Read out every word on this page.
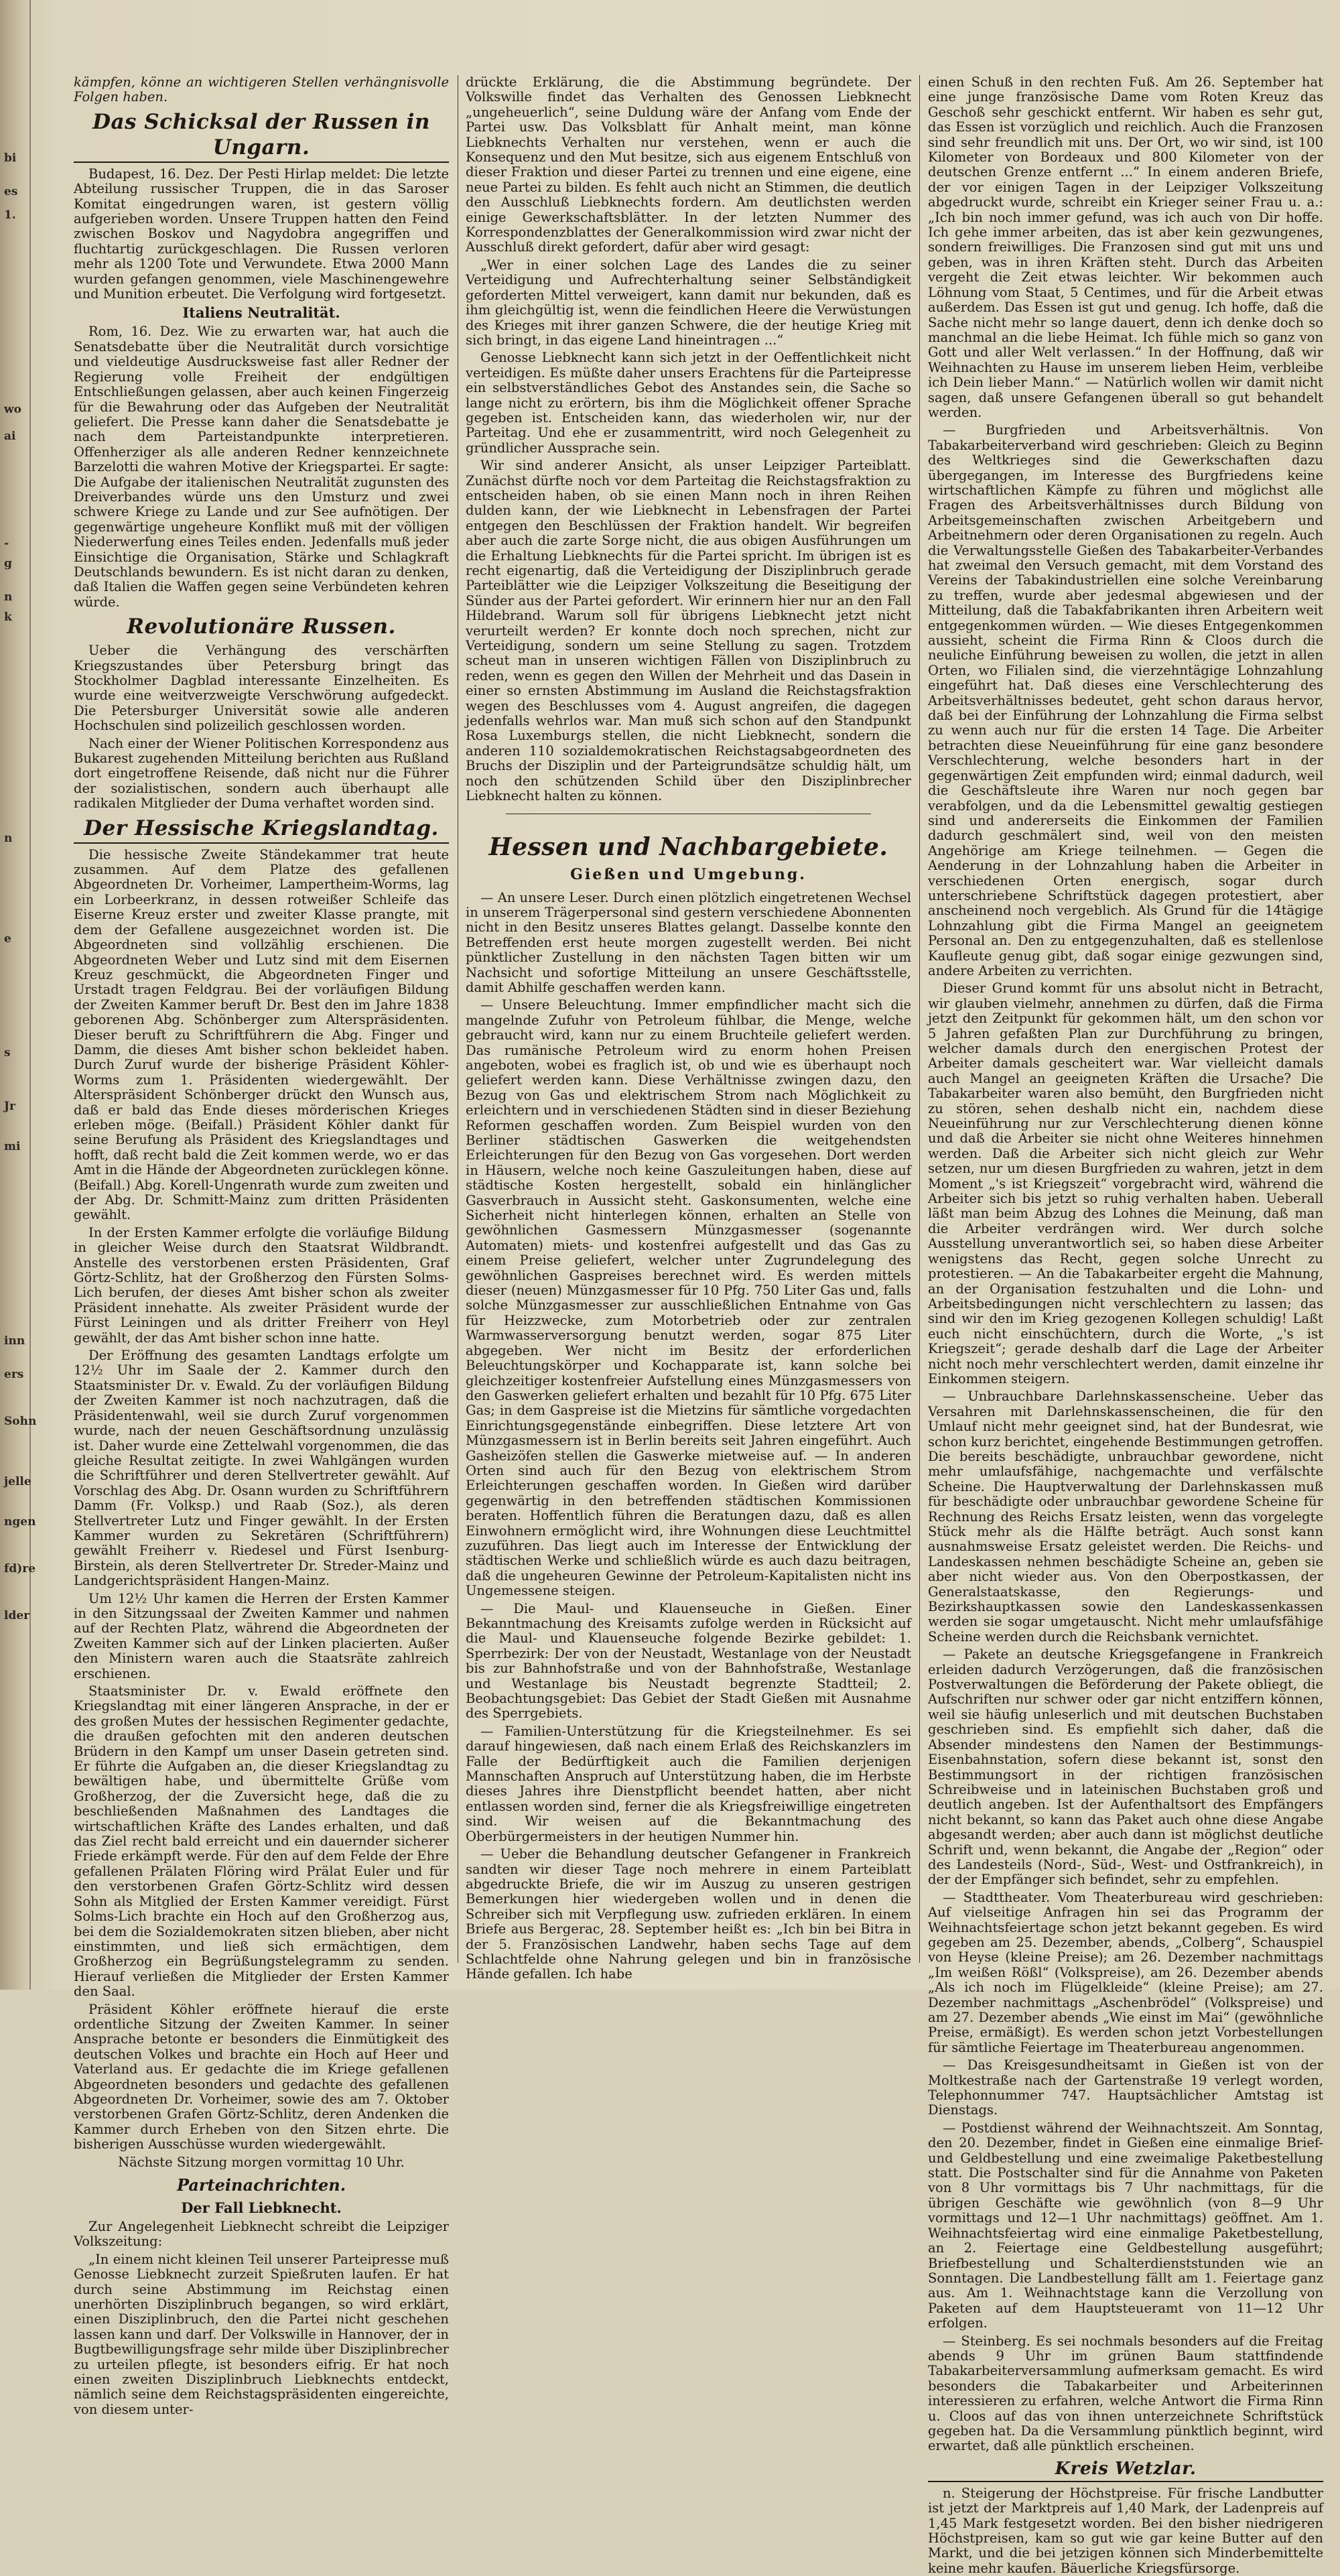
bi
es
1.
wo
ai
-
g
n
k
n
e
s
Jr
mi
inn
ers
Sohn
jelle
ngen
fd)re
lder

kämpfen, könne an wichtigeren Stellen verhängnisvolle Folgen haben.

Das Schicksal der Russen in Ungarn.

Budapest, 16. Dez. Der Pesti Hirlap meldet: Die letzte Abteilung russischer Truppen, die in das Saroser Komitat eingedrungen waren, ist gestern völlig aufgerieben worden. Unsere Truppen hatten den Feind zwischen Boskov und Nagydobra angegriffen und fluchtartig zurückgeschlagen. Die Russen verloren mehr als 1200 Tote und Verwundete. Etwa 2000 Mann wurden gefangen genommen, viele Maschinengewehre und Munition erbeutet. Die Verfolgung wird fortgesetzt.

Italiens Neutralität.

Rom, 16. Dez. Wie zu erwarten war, hat auch die Senatsdebatte über die Neutralität durch vorsichtige und vieldeutige Ausdrucksweise fast aller Redner der Regierung volle Freiheit der endgültigen Entschließungen gelassen, aber auch keinen Fingerzeig für die Bewahrung oder das Aufgeben der Neutralität geliefert. Die Presse kann daher die Senatsdebatte je nach dem Parteistandpunkte interpretieren. Offenherziger als alle anderen Redner kennzeichnete Barzelotti die wahren Motive der Kriegspartei. Er sagte: Die Aufgabe der italienischen Neutralität zugunsten des Dreiverbandes würde uns den Umsturz und zwei schwere Kriege zu Lande und zur See aufnötigen. Der gegenwärtige ungeheure Konflikt muß mit der völligen Niederwerfung eines Teiles enden. Jedenfalls muß jeder Einsichtige die Organisation, Stärke und Schlagkraft Deutschlands bewundern. Es ist nicht daran zu denken, daß Italien die Waffen gegen seine Verbündeten kehren würde.

Revolutionäre Russen.

Ueber die Verhängung des verschärften Kriegszustandes über Petersburg bringt das Stockholmer Dagblad interessante Einzelheiten. Es wurde eine weitverzweigte Verschwörung aufgedeckt. Die Petersburger Universität sowie alle anderen Hochschulen sind polizeilich geschlossen worden.

Nach einer der Wiener Politischen Korrespondenz aus Bukarest zugehenden Mitteilung berichten aus Rußland dort eingetroffene Reisende, daß nicht nur die Führer der sozialistischen, sondern auch überhaupt alle radikalen Mitglieder der Duma verhaftet worden sind.

Der Hessische Kriegslandtag.

Die hessische Zweite Ständekammer trat heute zusammen. Auf dem Platze des gefallenen Abgeordneten Dr. Vorheimer, Lampertheim-Worms, lag ein Lorbeerkranz, in dessen rotweißer Schleife das Eiserne Kreuz erster und zweiter Klasse prangte, mit dem der Gefallene ausgezeichnet worden ist. Die Abgeordneten sind vollzählig erschienen. Die Abgeordneten Weber und Lutz sind mit dem Eisernen Kreuz geschmückt, die Abgeordneten Finger und Urstadt tragen Feldgrau. Bei der vorläufigen Bildung der Zweiten Kammer beruft Dr. Best den im Jahre 1838 geborenen Abg. Schönberger zum Alterspräsidenten. Dieser beruft zu Schriftführern die Abg. Finger und Damm, die dieses Amt bisher schon bekleidet haben. Durch Zuruf wurde der bisherige Präsident Köhler-Worms zum 1. Präsidenten wiedergewählt. Der Alterspräsident Schönberger drückt den Wunsch aus, daß er bald das Ende dieses mörderischen Krieges erleben möge. (Beifall.) Präsident Köhler dankt für seine Berufung als Präsident des Kriegslandtages und hofft, daß recht bald die Zeit kommen werde, wo er das Amt in die Hände der Abgeordneten zurücklegen könne. (Beifall.) Abg. Korell-Ungenrath wurde zum zweiten und der Abg. Dr. Schmitt-Mainz zum dritten Präsidenten gewählt.

In der Ersten Kammer erfolgte die vorläufige Bildung in gleicher Weise durch den Staatsrat Wildbrandt. Anstelle des verstorbenen ersten Präsidenten, Graf Görtz-Schlitz, hat der Großherzog den Fürsten Solms-Lich berufen, der dieses Amt bisher schon als zweiter Präsident innehatte. Als zweiter Präsident wurde der Fürst Leiningen und als dritter Freiherr von Heyl gewählt, der das Amt bisher schon inne hatte.

Der Eröffnung des gesamten Landtags erfolgte um 12½ Uhr im Saale der 2. Kammer durch den Staatsminister Dr. v. Ewald. Zu der vorläufigen Bildung der Zweiten Kammer ist noch nachzutragen, daß die Präsidentenwahl, weil sie durch Zuruf vorgenommen wurde, nach der neuen Geschäftsordnung unzulässig ist. Daher wurde eine Zettelwahl vorgenommen, die das gleiche Resultat zeitigte. In zwei Wahlgängen wurden die Schriftführer und deren Stellvertreter gewählt. Auf Vorschlag des Abg. Dr. Osann wurden zu Schriftführern Damm (Fr. Volksp.) und Raab (Soz.), als deren Stellvertreter Lutz und Finger gewählt. In der Ersten Kammer wurden zu Sekretären (Schriftführern) gewählt Freiherr v. Riedesel und Fürst Isenburg-Birstein, als deren Stellvertreter Dr. Streder-Mainz und Landgerichtspräsident Hangen-Mainz.

Um 12½ Uhr kamen die Herren der Ersten Kammer in den Sitzungssaal der Zweiten Kammer und nahmen auf der Rechten Platz, während die Abgeordneten der Zweiten Kammer sich auf der Linken placierten. Außer den Ministern waren auch die Staatsräte zahlreich erschienen.

Staatsminister Dr. v. Ewald eröffnete den Kriegslandtag mit einer längeren Ansprache, in der er des großen Mutes der hessischen Regimenter gedachte, die draußen gefochten mit den anderen deutschen Brüdern in den Kampf um unser Dasein getreten sind. Er führte die Aufgaben an, die dieser Kriegslandtag zu bewältigen habe, und übermittelte Grüße vom Großherzog, der die Zuversicht hege, daß die zu beschließenden Maßnahmen des Landtages die wirtschaftlichen Kräfte des Landes erhalten, und daß das Ziel recht bald erreicht und ein dauernder sicherer Friede erkämpft werde. Für den auf dem Felde der Ehre gefallenen Prälaten Flöring wird Prälat Euler und für den verstorbenen Grafen Görtz-Schlitz wird dessen Sohn als Mitglied der Ersten Kammer vereidigt. Fürst Solms-Lich brachte ein Hoch auf den Großherzog aus, bei dem die Sozialdemokraten sitzen blieben, aber nicht einstimmten, und ließ sich ermächtigen, dem Großherzog ein Begrüßungstelegramm zu senden. Hierauf verließen die Mitglieder der Ersten Kammer den Saal.

Präsident Köhler eröffnete hierauf die erste ordentliche Sitzung der Zweiten Kammer. In seiner Ansprache betonte er besonders die Einmütigkeit des deutschen Volkes und brachte ein Hoch auf Heer und Vaterland aus. Er gedachte die im Kriege gefallenen Abgeordneten besonders und gedachte des gefallenen Abgeordneten Dr. Vorheimer, sowie des am 7. Oktober verstorbenen Grafen Görtz-Schlitz, deren Andenken die Kammer durch Erheben von den Sitzen ehrte. Die bisherigen Ausschüsse wurden wiedergewählt.

Nächste Sitzung morgen vormittag 10 Uhr.

Parteinachrichten.
Der Fall Liebknecht.

Zur Angelegenheit Liebknecht schreibt die Leipziger Volkszeitung:

„In einem nicht kleinen Teil unserer Parteipresse muß Genosse Liebknecht zurzeit Spießruten laufen. Er hat durch seine Abstimmung im Reichstag einen unerhörten Disziplinbruch begangen, so wird erklärt, einen Disziplinbruch, den die Partei nicht geschehen lassen kann und darf. Der Volkswille in Hannover, der in Bugtbewilligungsfrage sehr milde über Disziplinbrecher zu urteilen pflegte, ist besonders eifrig. Er hat noch einen zweiten Disziplinbruch Liebknechts entdeckt, nämlich seine dem Reichstagspräsidenten eingereichte, von diesem unter-

drückte Erklärung, die die Abstimmung begründete. Der Volkswille findet das Verhalten des Genossen Liebknecht „ungeheuerlich“, seine Duldung wäre der Anfang vom Ende der Partei usw. Das Volksblatt für Anhalt meint, man könne Liebknechts Verhalten nur verstehen, wenn er auch die Konsequenz und den Mut besitze, sich aus eigenem Entschluß von dieser Fraktion und dieser Partei zu trennen und eine eigene, eine neue Partei zu bilden. Es fehlt auch nicht an Stimmen, die deutlich den Ausschluß Liebknechts fordern. Am deutlichsten werden einige Gewerkschaftsblätter. In der letzten Nummer des Korrespondenzblattes der Generalkommission wird zwar nicht der Ausschluß direkt gefordert, dafür aber wird gesagt:

„Wer in einer solchen Lage des Landes die zu seiner Verteidigung und Aufrechterhaltung seiner Selbständigkeit geforderten Mittel verweigert, kann damit nur bekunden, daß es ihm gleichgültig ist, wenn die feindlichen Heere die Verwüstungen des Krieges mit ihrer ganzen Schwere, die der heutige Krieg mit sich bringt, in das eigene Land hineintragen ...“

Genosse Liebknecht kann sich jetzt in der Oeffentlichkeit nicht verteidigen. Es müßte daher unsers Erachtens für die Parteipresse ein selbstverständliches Gebot des Anstandes sein, die Sache so lange nicht zu erörtern, bis ihm die Möglichkeit offener Sprache gegeben ist. Entscheiden kann, das wiederholen wir, nur der Parteitag. Und ehe er zusammentritt, wird noch Gelegenheit zu gründlicher Aussprache sein.

Wir sind anderer Ansicht, als unser Leipziger Parteiblatt. Zunächst dürfte noch vor dem Parteitag die Reichstagsfraktion zu entscheiden haben, ob sie einen Mann noch in ihren Reihen dulden kann, der wie Liebknecht in Lebensfragen der Partei entgegen den Beschlüssen der Fraktion handelt. Wir begreifen aber auch die zarte Sorge nicht, die aus obigen Ausführungen um die Erhaltung Liebknechts für die Partei spricht. Im übrigen ist es recht eigenartig, daß die Verteidigung der Disziplinbruch gerade Parteiblätter wie die Leipziger Volkszeitung die Beseitigung der Sünder aus der Partei gefordert. Wir erinnern hier nur an den Fall Hildebrand. Warum soll für übrigens Liebknecht jetzt nicht verurteilt werden? Er konnte doch noch sprechen, nicht zur Verteidigung, sondern um seine Stellung zu sagen. Trotzdem scheut man in unseren wichtigen Fällen von Disziplinbruch zu reden, wenn es gegen den Willen der Mehrheit und das Dasein in einer so ernsten Abstimmung im Ausland die Reichstagsfraktion wegen des Beschlusses vom 4. August angreifen, die dagegen jedenfalls wehrlos war. Man muß sich schon auf den Standpunkt Rosa Luxemburgs stellen, die nicht Liebknecht, sondern die anderen 110 sozialdemokratischen Reichstagsabgeordneten des Bruchs der Disziplin und der Parteigrundsätze schuldig hält, um noch den schützenden Schild über den Disziplinbrecher Liebknecht halten zu können.

Hessen und Nachbargebiete.
Gießen und Umgebung.

— An unsere Leser. Durch einen plötzlich eingetretenen Wechsel in unserem Trägerpersonal sind gestern verschiedene Abonnenten nicht in den Besitz unseres Blattes gelangt. Dasselbe konnte den Betreffenden erst heute morgen zugestellt werden. Bei nicht pünktlicher Zustellung in den nächsten Tagen bitten wir um Nachsicht und sofortige Mitteilung an unsere Geschäftsstelle, damit Abhilfe geschaffen werden kann.

— Unsere Beleuchtung. Immer empfindlicher macht sich die mangelnde Zufuhr von Petroleum fühlbar, die Menge, welche gebraucht wird, kann nur zu einem Bruchteile geliefert werden. Das rumänische Petroleum wird zu enorm hohen Preisen angeboten, wobei es fraglich ist, ob und wie es überhaupt noch geliefert werden kann. Diese Verhältnisse zwingen dazu, den Bezug von Gas und elektrischem Strom nach Möglichkeit zu erleichtern und in verschiedenen Städten sind in dieser Beziehung Reformen geschaffen worden. Zum Beispiel wurden von den Berliner städtischen Gaswerken die weitgehendsten Erleichterungen für den Bezug von Gas vorgesehen. Dort werden in Häusern, welche noch keine Gaszuleitungen haben, diese auf städtische Kosten hergestellt, sobald ein hinlänglicher Gasverbrauch in Aussicht steht. Gaskonsumenten, welche eine Sicherheit nicht hinterlegen können, erhalten an Stelle von gewöhnlichen Gasmessern Münzgasmesser (sogenannte Automaten) miets- und kostenfrei aufgestellt und das Gas zu einem Preise geliefert, welcher unter Zugrundelegung des gewöhnlichen Gaspreises berechnet wird. Es werden mittels dieser (neuen) Münzgasmesser für 10 Pfg. 750 Liter Gas und, falls solche Münzgasmesser zur ausschließlichen Entnahme von Gas für Heizzwecke, zum Motorbetrieb oder zur zentralen Warmwasserversorgung benutzt werden, sogar 875 Liter abgegeben. Wer nicht im Besitz der erforderlichen Beleuchtungskörper und Kochapparate ist, kann solche bei gleichzeitiger kostenfreier Aufstellung eines Münzgasmessers von den Gaswerken geliefert erhalten und bezahlt für 10 Pfg. 675 Liter Gas; in dem Gaspreise ist die Mietzins für sämtliche vorgedachten Einrichtungsgegenstände einbegriffen. Diese letztere Art von Münzgasmessern ist in Berlin bereits seit Jahren eingeführt. Auch Gasheizöfen stellen die Gaswerke mietweise auf. — In anderen Orten sind auch für den Bezug von elektrischem Strom Erleichterungen geschaffen worden. In Gießen wird darüber gegenwärtig in den betreffenden städtischen Kommissionen beraten. Hoffentlich führen die Beratungen dazu, daß es allen Einwohnern ermöglicht wird, ihre Wohnungen diese Leuchtmittel zuzuführen. Das liegt auch im Interesse der Entwicklung der städtischen Werke und schließlich würde es auch dazu beitragen, daß die ungeheuren Gewinne der Petroleum-Kapitalisten nicht ins Ungemessene steigen.

— Die Maul- und Klauenseuche in Gießen. Einer Bekanntmachung des Kreisamts zufolge werden in Rücksicht auf die Maul- und Klauenseuche folgende Bezirke gebildet: 1. Sperrbezirk: Der von der Neustadt, Westanlage von der Neustadt bis zur Bahnhofstraße und von der Bahnhofstraße, Westanlage und Westanlage bis Neustadt begrenzte Stadtteil; 2. Beobachtungsgebiet: Das Gebiet der Stadt Gießen mit Ausnahme des Sperrgebiets.

— Familien-Unterstützung für die Kriegsteilnehmer. Es sei darauf hingewiesen, daß nach einem Erlaß des Reichskanzlers im Falle der Bedürftigkeit auch die Familien derjenigen Mannschaften Anspruch auf Unterstützung haben, die im Herbste dieses Jahres ihre Dienstpflicht beendet hatten, aber nicht entlassen worden sind, ferner die als Kriegsfreiwillige eingetreten sind. Wir weisen auf die Bekanntmachung des Oberbürgermeisters in der heutigen Nummer hin.

— Ueber die Behandlung deutscher Gefangener in Frankreich sandten wir dieser Tage noch mehrere in einem Parteiblatt abgedruckte Briefe, die wir im Auszug zu unseren gestrigen Bemerkungen hier wiedergeben wollen und in denen die Schreiber sich mit Verpflegung usw. zufrieden erklären. In einem Briefe aus Bergerac, 28. September heißt es: „Ich bin bei Bitra in der 5. Französischen Landwehr, haben sechs Tage auf dem Schlachtfelde ohne Nahrung gelegen und bin in französische Hände gefallen. Ich habe

einen Schuß in den rechten Fuß. Am 26. September hat eine junge französische Dame vom Roten Kreuz das Geschoß sehr geschickt entfernt. Wir haben es sehr gut, das Essen ist vorzüglich und reichlich. Auch die Franzosen sind sehr freundlich mit uns. Der Ort, wo wir sind, ist 100 Kilometer von Bordeaux und 800 Kilometer von der deutschen Grenze entfernt ...“ In einem anderen Briefe, der vor einigen Tagen in der Leipziger Volkszeitung abgedruckt wurde, schreibt ein Krieger seiner Frau u. a.: „Ich bin noch immer gefund, was ich auch von Dir hoffe. Ich gehe immer arbeiten, das ist aber kein gezwungenes, sondern freiwilliges. Die Franzosen sind gut mit uns und geben, was in ihren Kräften steht. Durch das Arbeiten vergeht die Zeit etwas leichter. Wir bekommen auch Löhnung vom Staat, 5 Centimes, und für die Arbeit etwas außerdem. Das Essen ist gut und genug. Ich hoffe, daß die Sache nicht mehr so lange dauert, denn ich denke doch so manchmal an die liebe Heimat. Ich fühle mich so ganz von Gott und aller Welt verlassen.“ In der Hoffnung, daß wir Weihnachten zu Hause im unserem lieben Heim, verbleibe ich Dein lieber Mann.“ — Natürlich wollen wir damit nicht sagen, daß unsere Gefangenen überall so gut behandelt werden.

— Burgfrieden und Arbeitsverhältnis. Von Tabakarbeiterverband wird geschrieben: Gleich zu Beginn des Weltkrieges sind die Gewerkschaften dazu übergegangen, im Interesse des Burgfriedens keine wirtschaftlichen Kämpfe zu führen und möglichst alle Fragen des Arbeitsverhältnisses durch Bildung von Arbeitsgemeinschaften zwischen Arbeitgebern und Arbeitnehmern oder deren Organisationen zu regeln. Auch die Verwaltungsstelle Gießen des Tabakarbeiter-Verbandes hat zweimal den Versuch gemacht, mit dem Vorstand des Vereins der Tabakindustriellen eine solche Vereinbarung zu treffen, wurde aber jedesmal abgewiesen und der Mitteilung, daß die Tabakfabrikanten ihren Arbeitern weit entgegenkommen würden. — Wie dieses Entgegenkommen aussieht, scheint die Firma Rinn & Cloos durch die neuliche Einführung beweisen zu wollen, die jetzt in allen Orten, wo Filialen sind, die vierzehntägige Lohnzahlung eingeführt hat. Daß dieses eine Verschlechterung des Arbeitsverhältnisses bedeutet, geht schon daraus hervor, daß bei der Einführung der Lohnzahlung die Firma selbst zu wenn auch nur für die ersten 14 Tage. Die Arbeiter betrachten diese Neueinführung für eine ganz besondere Verschlechterung, welche besonders hart in der gegenwärtigen Zeit empfunden wird; einmal dadurch, weil die Geschäftsleute ihre Waren nur noch gegen bar verabfolgen, und da die Lebensmittel gewaltig gestiegen sind und andererseits die Einkommen der Familien dadurch geschmälert sind, weil von den meisten Angehörige am Kriege teilnehmen. — Gegen die Aenderung in der Lohnzahlung haben die Arbeiter in verschiedenen Orten energisch, sogar durch unterschriebene Schriftstück dagegen protestiert, aber anscheinend noch vergeblich. Als Grund für die 14tägige Lohnzahlung gibt die Firma Mangel an geeignetem Personal an. Den zu entgegenzuhalten, daß es stellenlose Kaufleute genug gibt, daß sogar einige gezwungen sind, andere Arbeiten zu verrichten.

Dieser Grund kommt für uns absolut nicht in Betracht, wir glauben vielmehr, annehmen zu dürfen, daß die Firma jetzt den Zeitpunkt für gekommen hält, um den schon vor 5 Jahren gefaßten Plan zur Durchführung zu bringen, welcher damals durch den energischen Protest der Arbeiter damals gescheitert war. War vielleicht damals auch Mangel an geeigneten Kräften die Ursache? Die Tabakarbeiter waren also bemüht, den Burgfrieden nicht zu stören, sehen deshalb nicht ein, nachdem diese Neueinführung nur zur Verschlechterung dienen könne und daß die Arbeiter sie nicht ohne Weiteres hinnehmen werden. Daß die Arbeiter sich nicht gleich zur Wehr setzen, nur um diesen Burgfrieden zu wahren, jetzt in dem Moment „'s ist Kriegszeit“ vorgebracht wird, während die Arbeiter sich bis jetzt so ruhig verhalten haben. Ueberall läßt man beim Abzug des Lohnes die Meinung, daß man die Arbeiter verdrängen wird. Wer durch solche Ausstellung unverantwortlich sei, so haben diese Arbeiter wenigstens das Recht, gegen solche Unrecht zu protestieren. — An die Tabakarbeiter ergeht die Mahnung, an der Organisation festzuhalten und die Lohn- und Arbeitsbedingungen nicht verschlechtern zu lassen; das sind wir den im Krieg gezogenen Kollegen schuldig! Laßt euch nicht einschüchtern, durch die Worte, „'s ist Kriegszeit“; gerade deshalb darf die Lage der Arbeiter nicht noch mehr verschlechtert werden, damit einzelne ihr Einkommen steigern.

— Unbrauchbare Darlehnskassenscheine. Ueber das Versahren mit Darlehnskassenscheinen, die für den Umlauf nicht mehr geeignet sind, hat der Bundesrat, wie schon kurz berichtet, eingehende Bestimmungen getroffen. Die bereits beschädigte, unbrauchbar gewordene, nicht mehr umlaufsfähige, nachgemachte und verfälschte Scheine. Die Hauptverwaltung der Darlehnskassen muß für beschädigte oder unbrauchbar gewordene Scheine für Rechnung des Reichs Ersatz leisten, wenn das vorgelegte Stück mehr als die Hälfte beträgt. Auch sonst kann ausnahmsweise Ersatz geleistet werden. Die Reichs- und Landeskassen nehmen beschädigte Scheine an, geben sie aber nicht wieder aus. Von den Oberpostkassen, der Generalstaatskasse, den Regierungs- und Bezirkshauptkassen sowie den Landeskassenkassen werden sie sogar umgetauscht. Nicht mehr umlaufsfähige Scheine werden durch die Reichsbank vernichtet.

— Pakete an deutsche Kriegsgefangene in Frankreich erleiden dadurch Verzögerungen, daß die französischen Postverwaltungen die Beförderung der Pakete obliegt, die Aufschriften nur schwer oder gar nicht entziffern können, weil sie häufig unleserlich und mit deutschen Buchstaben geschrieben sind. Es empfiehlt sich daher, daß die Absender mindestens den Namen der Bestimmungs-Eisenbahnstation, sofern diese bekannt ist, sonst den Bestimmungsort in der richtigen französischen Schreibweise und in lateinischen Buchstaben groß und deutlich angeben. Ist der Aufenthaltsort des Empfängers nicht bekannt, so kann das Paket auch ohne diese Angabe abgesandt werden; aber auch dann ist möglichst deutliche Schrift und, wenn bekannt, die Angabe der „Region“ oder des Landesteils (Nord-, Süd-, West- und Ostfrankreich), in der der Empfänger sich befindet, sehr zu empfehlen.

— Stadttheater. Vom Theaterbureau wird geschrieben: Auf vielseitige Anfragen hin sei das Programm der Weihnachtsfeiertage schon jetzt bekannt gegeben. Es wird gegeben am 25. Dezember, abends, „Colberg“, Schauspiel von Heyse (kleine Preise); am 26. Dezember nachmittags „Im weißen Rößl“ (Volkspreise), am 26. Dezember abends „Als ich noch im Flügelkleide“ (kleine Preise); am 27. Dezember nachmittags „Aschenbrödel“ (Volkspreise) und am 27. Dezember abends „Wie einst im Mai“ (gewöhnliche Preise, ermäßigt). Es werden schon jetzt Vorbestellungen für sämtliche Feiertage im Theaterbureau angenommen.

— Das Kreisgesundheitsamt in Gießen ist von der Moltkestraße nach der Gartenstraße 19 verlegt worden, Telephonnummer 747. Hauptsächlicher Amtstag ist Dienstags.

— Postdienst während der Weihnachtszeit. Am Sonntag, den 20. Dezember, findet in Gießen eine einmalige Brief- und Geldbestellung und eine zweimalige Paketbestellung statt. Die Postschalter sind für die Annahme von Paketen von 8 Uhr vormittags bis 7 Uhr nachmittags, für die übrigen Geschäfte wie gewöhnlich (von 8—9 Uhr vormittags und 12—1 Uhr nachmittags) geöffnet. Am 1. Weihnachtsfeiertag wird eine einmalige Paketbestellung, an 2. Feiertage eine Geldbestellung ausgeführt; Briefbestellung und Schalterdienststunden wie an Sonntagen. Die Landbestellung fällt am 1. Feiertage ganz aus. Am 1. Weihnachtstage kann die Verzollung von Paketen auf dem Hauptsteueramt von 11—12 Uhr erfolgen.

— Steinberg. Es sei nochmals besonders auf die Freitag abends 9 Uhr im grünen Baum stattfindende Tabakarbeiterversammlung aufmerksam gemacht. Es wird besonders die Tabakarbeiter und Arbeiterinnen interessieren zu erfahren, welche Antwort die Firma Rinn u. Cloos auf das von ihnen unterzeichnete Schriftstück gegeben hat. Da die Versammlung pünktlich beginnt, wird erwartet, daß alle pünktlich erscheinen.

Kreis Wetzlar.

n. Steigerung der Höchstpreise. Für frische Landbutter ist jetzt der Marktpreis auf 1,40 Mark, der Ladenpreis auf 1,45 Mark festgesetzt worden. Bei den bisher niedrigeren Höchstpreisen, kam so gut wie gar keine Butter auf den Markt, und die bei jetzigen können sich Minderbemittelte keine mehr kaufen. Bäuerliche Kriegsfürsorge.
